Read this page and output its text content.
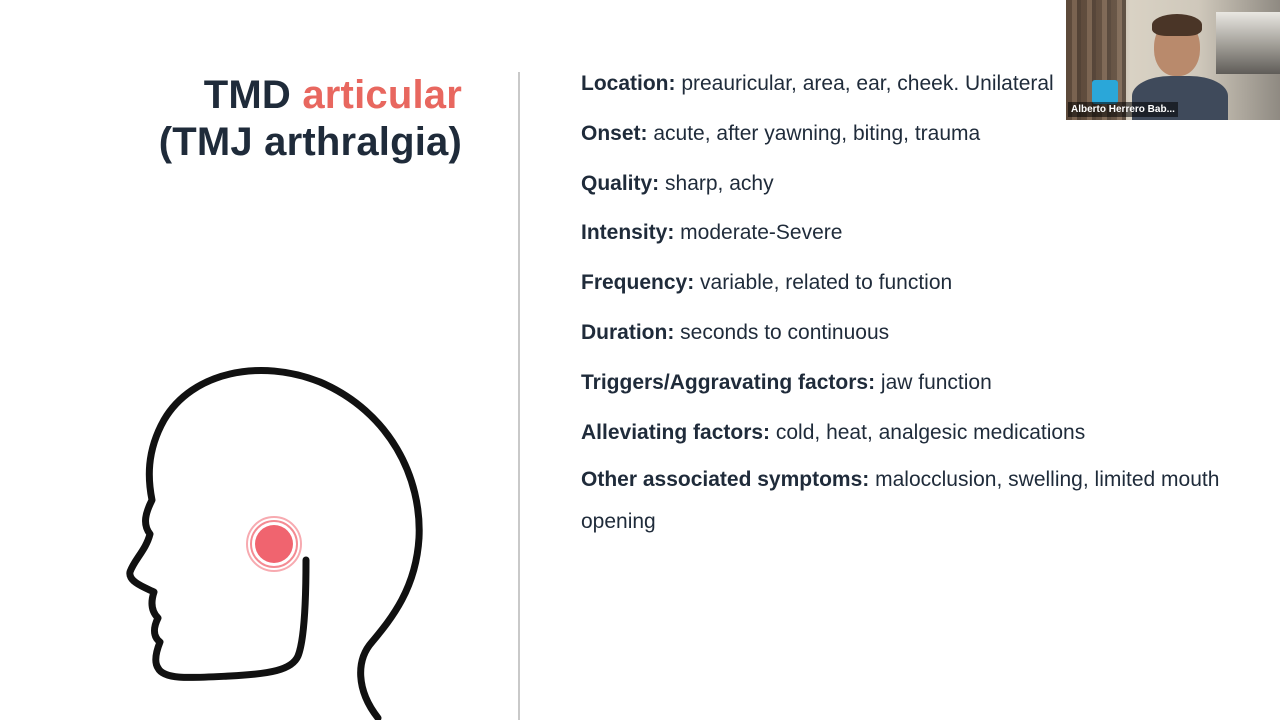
TMD articular
(TMJ arthralgia)
Location: preauricular, area, ear, cheek. Unilateral
Onset: acute, after yawning, biting, trauma
Quality: sharp, achy
Intensity: moderate-Severe
Frequency: variable, related to function
Duration: seconds to continuous
Triggers/Aggravating factors: jaw function
Alleviating factors: cold, heat, analgesic medications
Other associated symptoms: malocclusion, swelling, limited mouth opening
Alberto Herrero Bab...
